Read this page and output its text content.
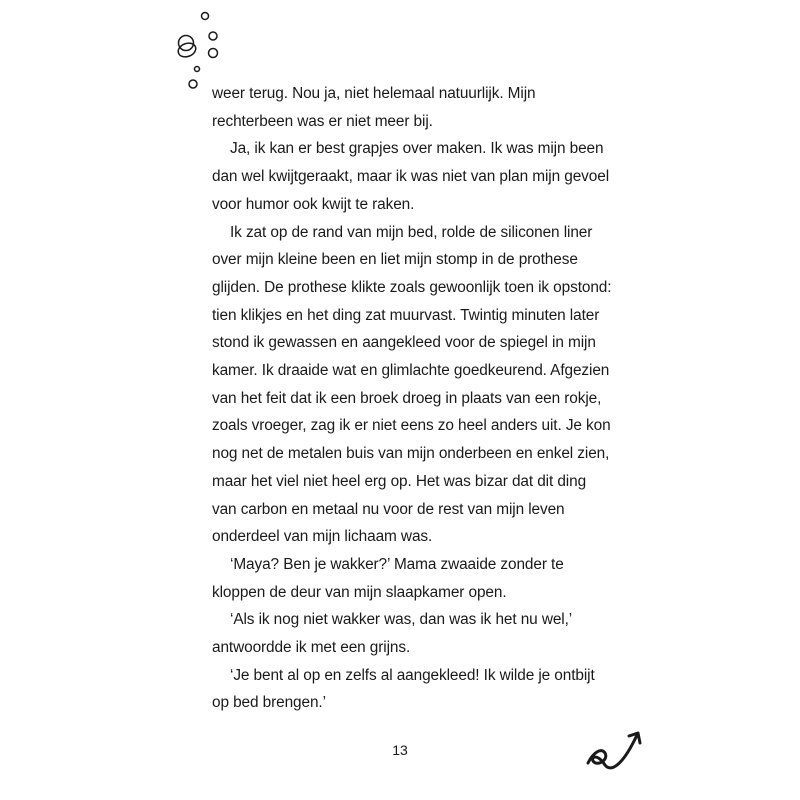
weer terug. Nou ja, niet helemaal natuurlijk. Mijn rechterbeen was er niet meer bij.

Ja, ik kan er best grapjes over maken. Ik was mijn been dan wel kwijtgeraakt, maar ik was niet van plan mijn gevoel voor humor ook kwijt te raken.

Ik zat op de rand van mijn bed, rolde de siliconen liner over mijn kleine been en liet mijn stomp in de prothese glijden. De prothese klikte zoals gewoonlijk toen ik opstond: tien klikjes en het ding zat muurvast. Twintig minuten later stond ik gewassen en aangekleed voor de spiegel in mijn kamer. Ik draaide wat en glimlachte goedkeurend. Afgezien van het feit dat ik een broek droeg in plaats van een rokje, zoals vroeger, zag ik er niet eens zo heel anders uit. Je kon nog net de metalen buis van mijn onderbeen en enkel zien, maar het viel niet heel erg op. Het was bizar dat dit ding van carbon en metaal nu voor de rest van mijn leven onderdeel van mijn lichaam was.

‘Maya? Ben je wakker?’ Mama zwaaide zonder te kloppen de deur van mijn slaapkamer open.

‘Als ik nog niet wakker was, dan was ik het nu wel,’ antwoordde ik met een grijns.

‘Je bent al op en zelfs al aangekleed! Ik wilde je ontbijt op bed brengen.’

13
